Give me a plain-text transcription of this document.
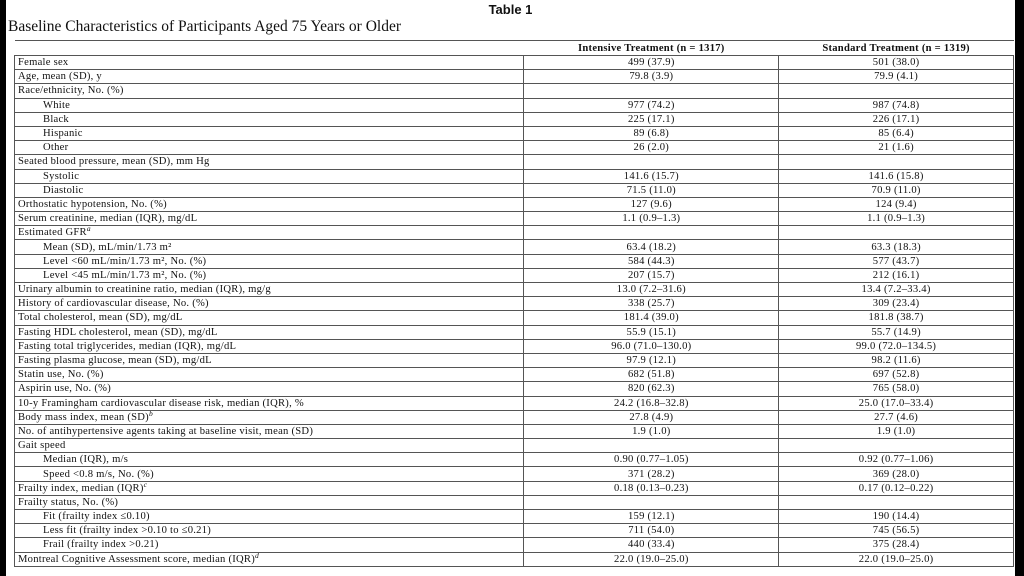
Table 1
Baseline Characteristics of Participants Aged 75 Years or Older
	Intensive Treatment (n = 1317)	Standard Treatment (n = 1319)
Female sex	499 (37.9)	501 (38.0)
Age, mean (SD), y	79.8 (3.9)	79.9 (4.1)
Race/ethnicity, No. (%)		
White	977 (74.2)	987 (74.8)
Black	225 (17.1)	226 (17.1)
Hispanic	89 (6.8)	85 (6.4)
Other	26 (2.0)	21 (1.6)
Seated blood pressure, mean (SD), mm Hg		
Systolic	141.6 (15.7)	141.6 (15.8)
Diastolic	71.5 (11.0)	70.9 (11.0)
Orthostatic hypotension, No. (%)	127 (9.6)	124 (9.4)
Serum creatinine, median (IQR), mg/dL	1.1 (0.9–1.3)	1.1 (0.9–1.3)
Estimated GFR$^a$		
Mean (SD), mL/min/1.73 m²	63.4 (18.2)	63.3 (18.3)
Level <60 mL/min/1.73 m², No. (%)	584 (44.3)	577 (43.7)
Level <45 mL/min/1.73 m², No. (%)	207 (15.7)	212 (16.1)
Urinary albumin to creatinine ratio, median (IQR), mg/g	13.0 (7.2–31.6)	13.4 (7.2–33.4)
History of cardiovascular disease, No. (%)	338 (25.7)	309 (23.4)
Total cholesterol, mean (SD), mg/dL	181.4 (39.0)	181.8 (38.7)
Fasting HDL cholesterol, mean (SD), mg/dL	55.9 (15.1)	55.7 (14.9)
Fasting total triglycerides, median (IQR), mg/dL	96.0 (71.0–130.0)	99.0 (72.0–134.5)
Fasting plasma glucose, mean (SD), mg/dL	97.9 (12.1)	98.2 (11.6)
Statin use, No. (%)	682 (51.8)	697 (52.8)
Aspirin use, No. (%)	820 (62.3)	765 (58.0)
10-y Framingham cardiovascular disease risk, median (IQR), %	24.2 (16.8–32.8)	25.0 (17.0–33.4)
Body mass index, mean (SD)$^b$	27.8 (4.9)	27.7 (4.6)
No. of antihypertensive agents taking at baseline visit, mean (SD)	1.9 (1.0)	1.9 (1.0)
Gait speed		
Median (IQR), m/s	0.90 (0.77–1.05)	0.92 (0.77–1.06)
Speed <0.8 m/s, No. (%)	371 (28.2)	369 (28.0)
Frailty index, median (IQR)$^c$	0.18 (0.13–0.23)	0.17 (0.12–0.22)
Frailty status, No. (%)		
Fit (frailty index ≤0.10)	159 (12.1)	190 (14.4)
Less fit (frailty index >0.10 to ≤0.21)	711 (54.0)	745 (56.5)
Frail (frailty index >0.21)	440 (33.4)	375 (28.4)
Montreal Cognitive Assessment score, median (IQR)$^d$	22.0 (19.0–25.0)	22.0 (19.0–25.0)
